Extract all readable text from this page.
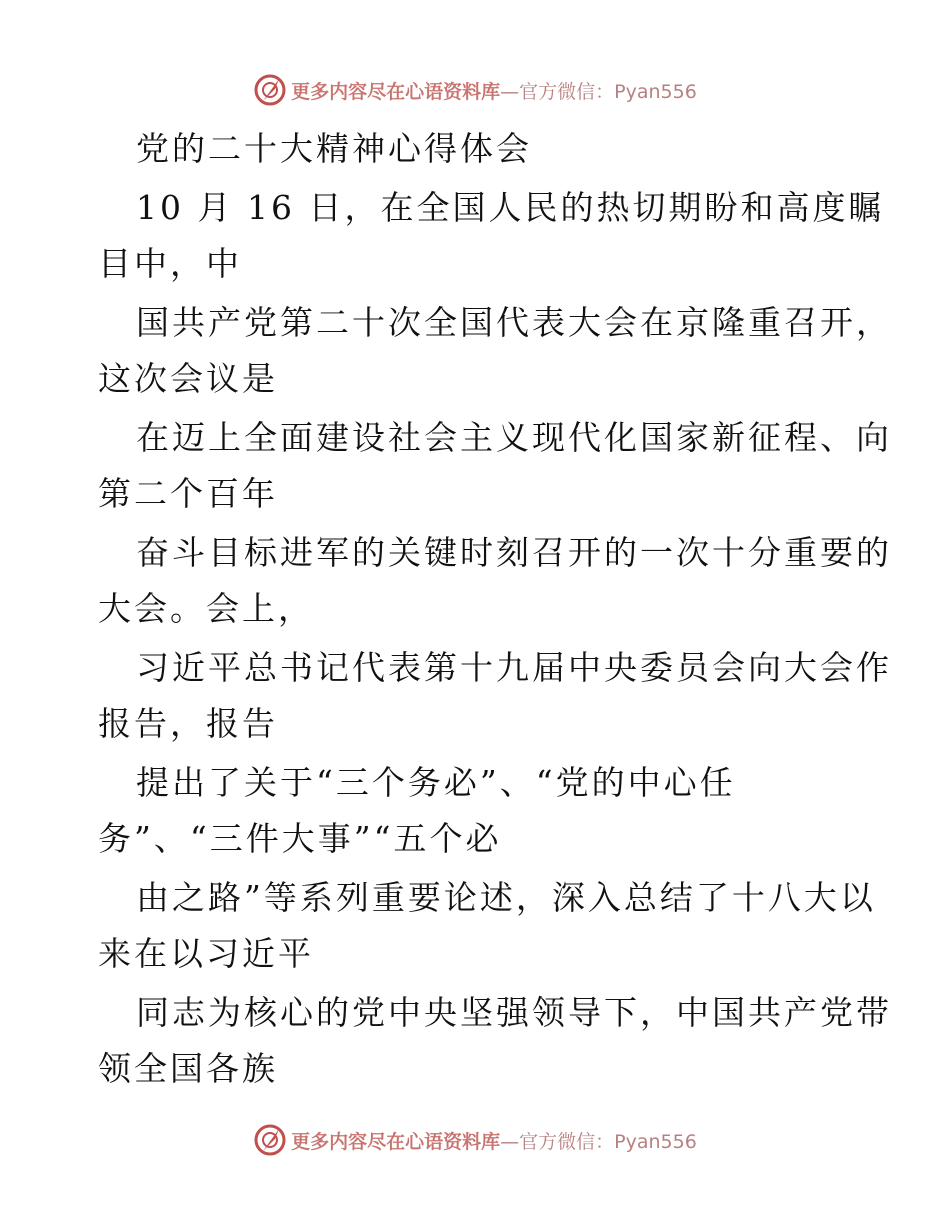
更多内容尽在心语资料库—官方微信：Pyan556
党的二十大精神心得体会
10 月 16 日，在全国人民的热切期盼和高度瞩
目中，中
国共产党第二十次全国代表大会在京隆重召开，
这次会议是
在迈上全面建设社会主义现代化国家新征程、向
第二个百年
奋斗目标进军的关键时刻召开的一次十分重要的
大会。会上，
习近平总书记代表第十九届中央委员会向大会作
报告，报告
提出了关于“三个务必”、“党的中心任
务”、“三件大事”“五个必
由之路”等系列重要论述，深入总结了十八大以
来在以习近平
同志为核心的党中央坚强领导下，中国共产党带
领全国各族
更多内容尽在心语资料库—官方微信：Pyan556
